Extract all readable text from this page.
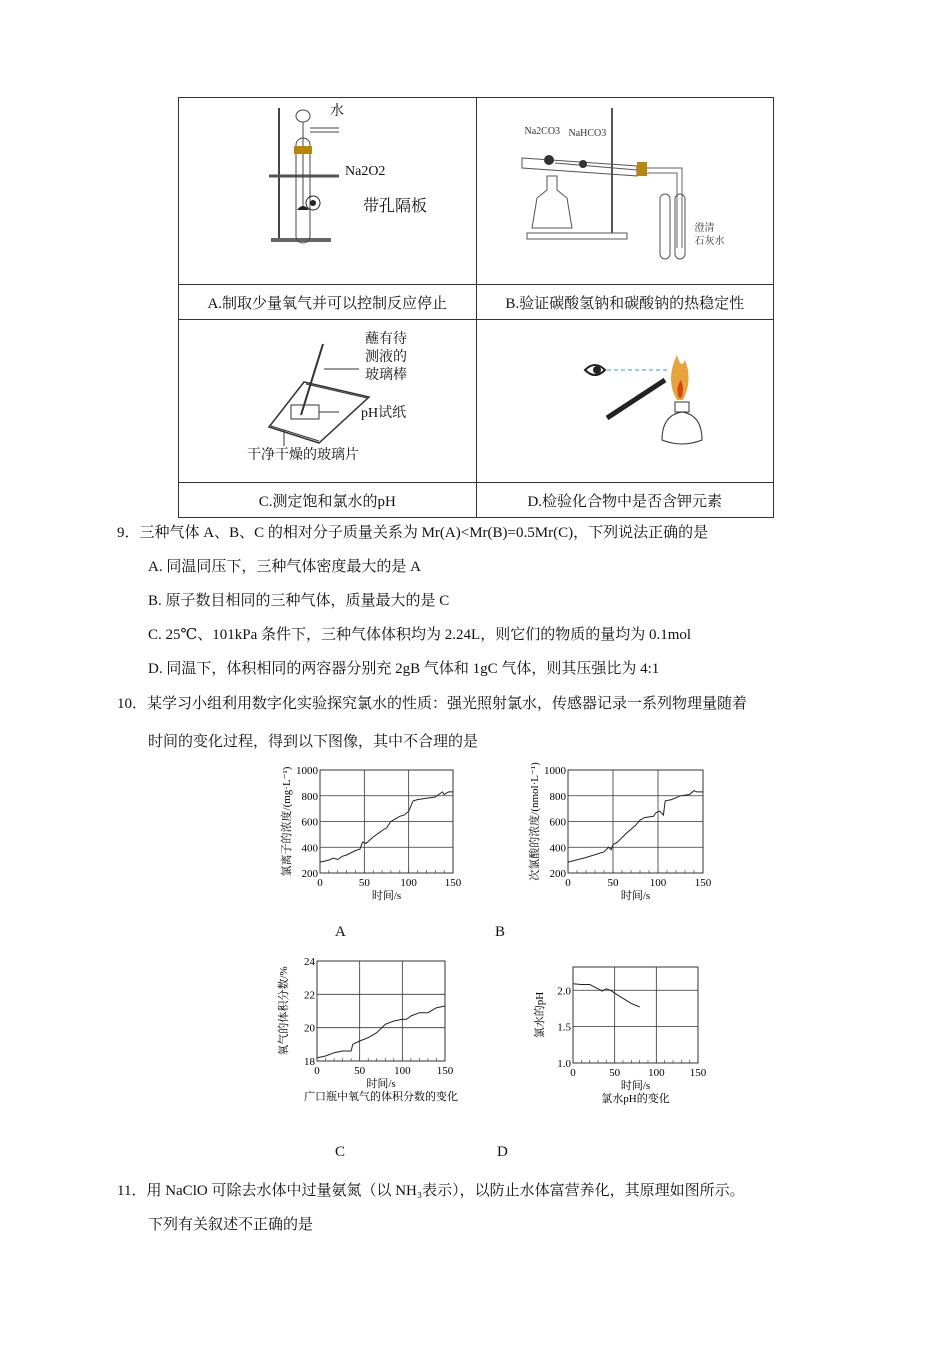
水
Na2O2
带孔隔板	Na2CO3 NaHCO3
澄清
石灰水

A.制取少量氧气并可以控制反应停止	B.验证碳酸氢钠和碳酸钠的热稳定性

蘸有待
测液的
玻璃棒
pH试纸
干净干燥的玻璃片

C.测定饱和氯水的pH	D.检验化合物中是否含钾元素
9．三种气体 A、B、C 的相对分子质量关系为 Mr(A)<Mr(B)=0.5Mr(C)，下列说法正确的是
A. 同温同压下，三种气体密度最大的是 A
B. 原子数目相同的三种气体，质量最大的是 C
C. 25℃、101kPa 条件下，三种气体体积均为 2.24L，则它们的物质的量均为 0.1mol
D. 同温下，体积相同的两容器分别充 2gB 气体和 1gC 气体，则其压强比为 4:1
10．某学习小组利用数字化实验探究氯水的性质：强光照射氯水，传感器记录一系列物理量随着
时间的变化过程，得到以下图像，其中不合理的是
0	50	100	150
200
400
600
800
1000
时间/s
氯离子的浓度/(mg·L⁻¹)
0	50	100	150
200
400
600
800
1000
时间/s
次氯酸的浓度/(nmol·L⁻¹)
0	50	100 150
18
20
22
24
时间/s
氧气的体积分数/%
广口瓶中氧气的体积分数的变化
0	50	100 150
1.0
1.5
2.0
时间/s
氯水的pH
氯水pH的变化
A	B
C	D
11．用 NaClO 可除去水体中过量氨氮（以 NH₃表示），以防止水体富营养化，其原理如图所示。
下列有关叙述不正确的是
